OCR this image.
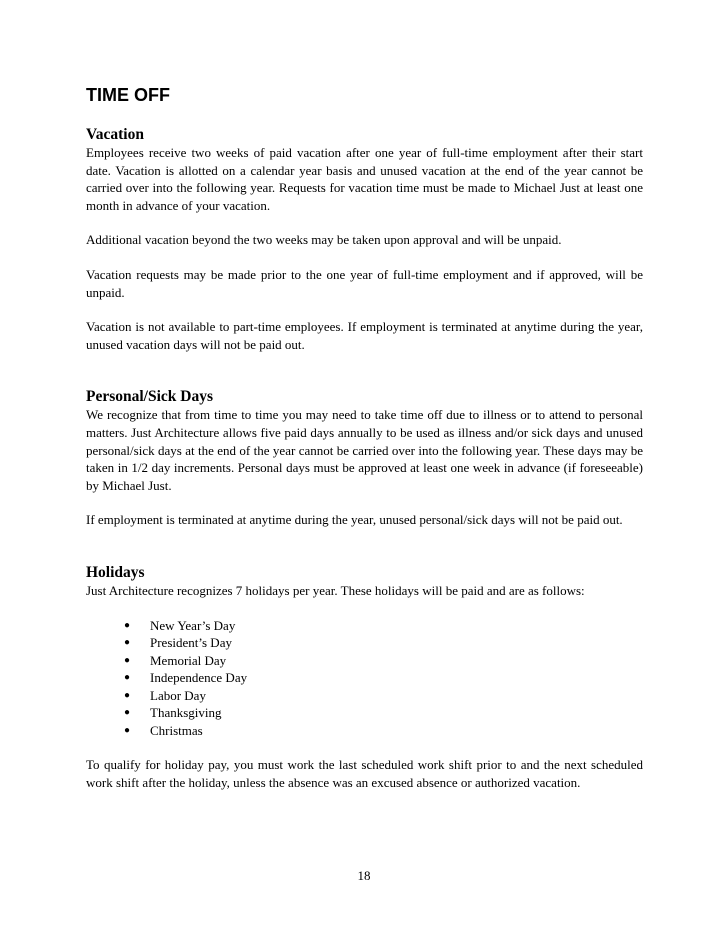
TIME OFF
Vacation

Employees receive two weeks of paid vacation after one year of full-time employment after their start date. Vacation is allotted on a calendar year basis and unused vacation at the end of the year cannot be carried over into the following year. Requests for vacation time must be made to Michael Just at least one month in advance of your vacation.

Additional vacation beyond the two weeks may be taken upon approval and will be unpaid.

Vacation requests may be made prior to the one year of full-time employment and if approved, will be unpaid.

Vacation is not available to part-time employees. If employment is terminated at anytime during the year, unused vacation days will not be paid out.

Personal/Sick Days

We recognize that from time to time you may need to take time off due to illness or to attend to personal matters. Just Architecture allows five paid days annually to be used as illness and/or sick days and unused personal/sick days at the end of the year cannot be carried over into the following year. These days may be taken in 1/2 day increments. Personal days must be approved at least one week in advance (if foreseeable) by Michael Just.

If employment is terminated at anytime during the year, unused personal/sick days will not be paid out.

Holidays

Just Architecture recognizes 7 holidays per year. These holidays will be paid and are as follows:

● New Year’s Day
● President’s Day
● Memorial Day
● Independence Day
● Labor Day
● Thanksgiving
● Christmas

To qualify for holiday pay, you must work the last scheduled work shift prior to and the next scheduled work shift after the holiday, unless the absence was an excused absence or authorized vacation.

18
